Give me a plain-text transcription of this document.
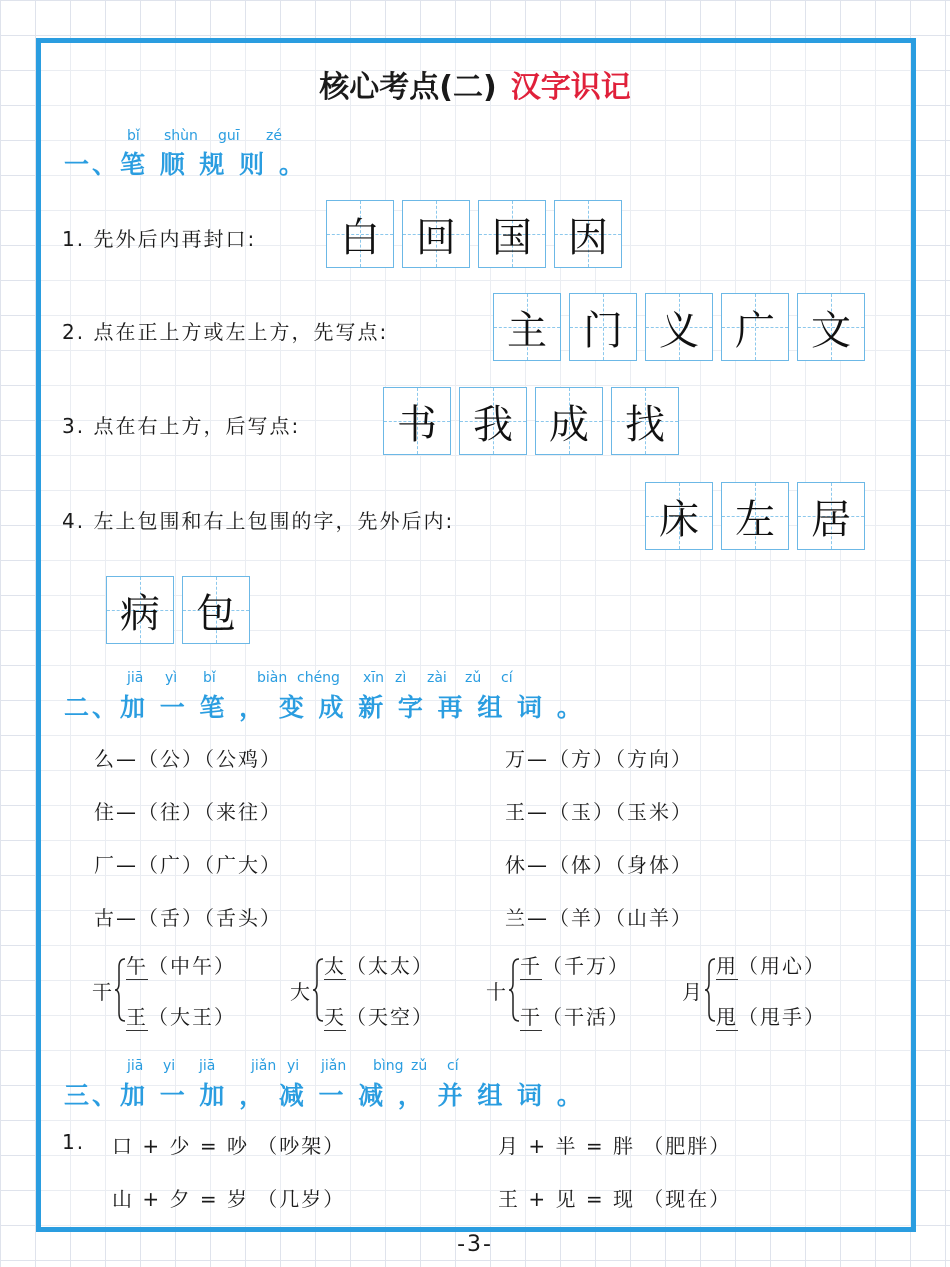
核心考点(二) 汉字识记
bǐ shùn guī zé
一、笔 顺 规 则 。
1. 先外后内再封口: 白 回 国 因
2. 点在正上方或左上方，先写点:	主 门 义 广 文
3. 点在右上方，后写点: 书 我 成 找
4. 左上包围和右上包围的字，先外后内:	床 左 居
病 包
jiā yì bǐ	biàn chéng xīn zì zài zǔ cí
二、加 一 笔 ， 变 成 新 字 再 组 词 。
么—（公）（公鸡）	万—（方）（方向）
住—（往）（来往）	王—（玉）（玉米）
厂—（广）（广大）	休—（体）（身体）
古—（舌）（舌头）	兰—（羊）（山羊）
干
午（中午）
王（大王）
大
太（太太）
天（天空）
十
千（千万）
干（干活）
月
用（用心）
甩（甩手）
jiā yi jiā	jiǎn yi jiǎn bìng zǔ cí
三、加 一 加 ， 减 一 减 ， 并 组 词 。
1. 口 + 少 = 吵 （吵架）	月 + 半 = 胖 （肥胖）
山 + 夕 = 岁 （几岁）	王 + 见 = 现 （现在）
-3-
